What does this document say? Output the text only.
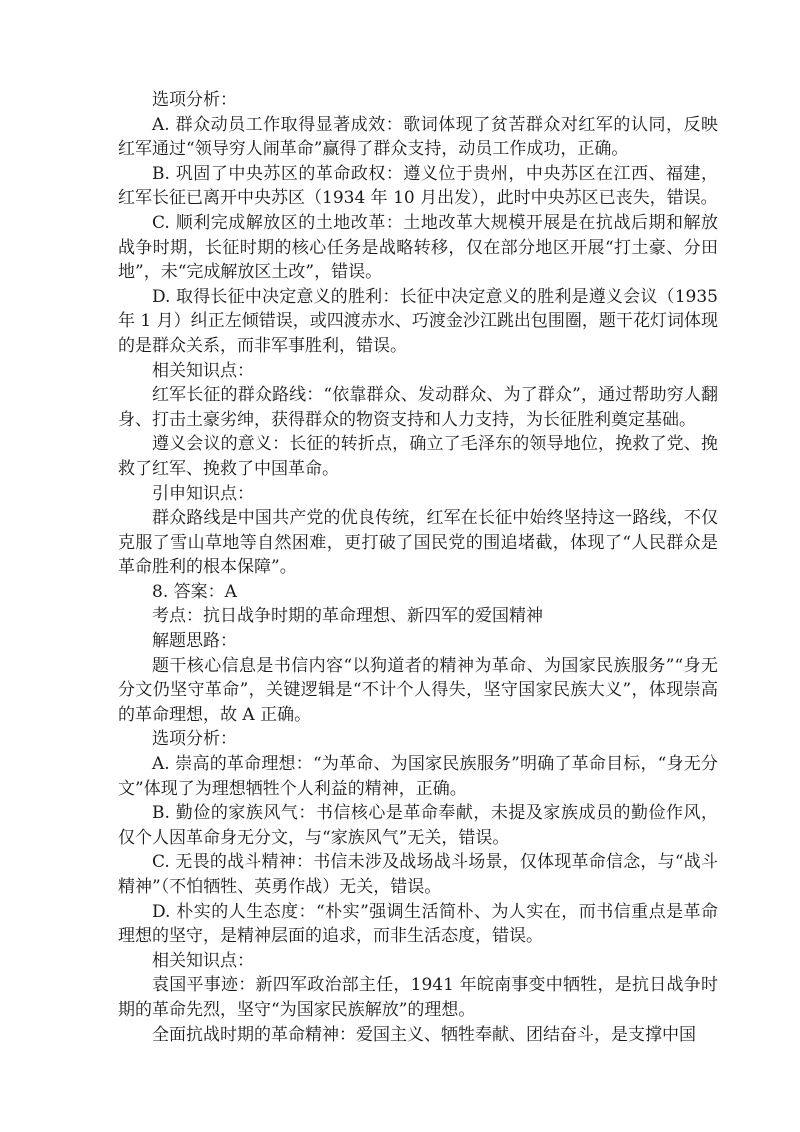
选项分析：

A. 群众动员工作取得显著成效：歌词体现了贫苦群众对红军的认同，反映红军通过“领导穷人闹革命”赢得了群众支持，动员工作成功，正确。

B. 巩固了中央苏区的革命政权：遵义位于贵州，中央苏区在江西、福建，红军长征已离开中央苏区（1934 年 10 月出发），此时中央苏区已丧失，错误。

C. 顺利完成解放区的土地改革：土地改革大规模开展是在抗战后期和解放战争时期，长征时期的核心任务是战略转移，仅在部分地区开展“打土豪、分田地”，未“完成解放区土改”，错误。

D. 取得长征中决定意义的胜利：长征中决定意义的胜利是遵义会议（1935 年 1 月）纠正左倾错误，或四渡赤水、巧渡金沙江跳出包围圈，题干花灯词体现的是群众关系，而非军事胜利，错误。

相关知识点：

红军长征的群众路线：“依靠群众、发动群众、为了群众”，通过帮助穷人翻身、打击土豪劣绅，获得群众的物资支持和人力支持，为长征胜利奠定基础。

遵义会议的意义：长征的转折点，确立了毛泽东的领导地位，挽救了党、挽救了红军、挽救了中国革命。

引申知识点：

群众路线是中国共产党的优良传统，红军在长征中始终坚持这一路线，不仅克服了雪山草地等自然困难，更打破了国民党的围追堵截，体现了“人民群众是革命胜利的根本保障”。

8. 答案：A

考点：抗日战争时期的革命理想、新四军的爱国精神

解题思路：

题干核心信息是书信内容“以狗道者的精神为革命、为国家民族服务”“身无分文仍坚守革命”，关键逻辑是“不计个人得失，坚守国家民族大义”，体现崇高的革命理想，故 A 正确。

选项分析：

A. 崇高的革命理想：“为革命、为国家民族服务”明确了革命目标，“身无分文”体现了为理想牺牲个人利益的精神，正确。

B. 勤俭的家族风气：书信核心是革命奉献，未提及家族成员的勤俭作风，仅个人因革命身无分文，与“家族风气”无关，错误。

C. 无畏的战斗精神：书信未涉及战场战斗场景，仅体现革命信念，与“战斗精神”（不怕牺牲、英勇作战）无关，错误。

D. 朴实的人生态度：“朴实”强调生活简朴、为人实在，而书信重点是革命理想的坚守，是精神层面的追求，而非生活态度，错误。

相关知识点：

袁国平事迹：新四军政治部主任，1941 年皖南事变中牺牲，是抗日战争时期的革命先烈，坚守“为国家民族解放”的理想。

全面抗战时期的革命精神：爱国主义、牺牲奉献、团结奋斗，是支撑中国
